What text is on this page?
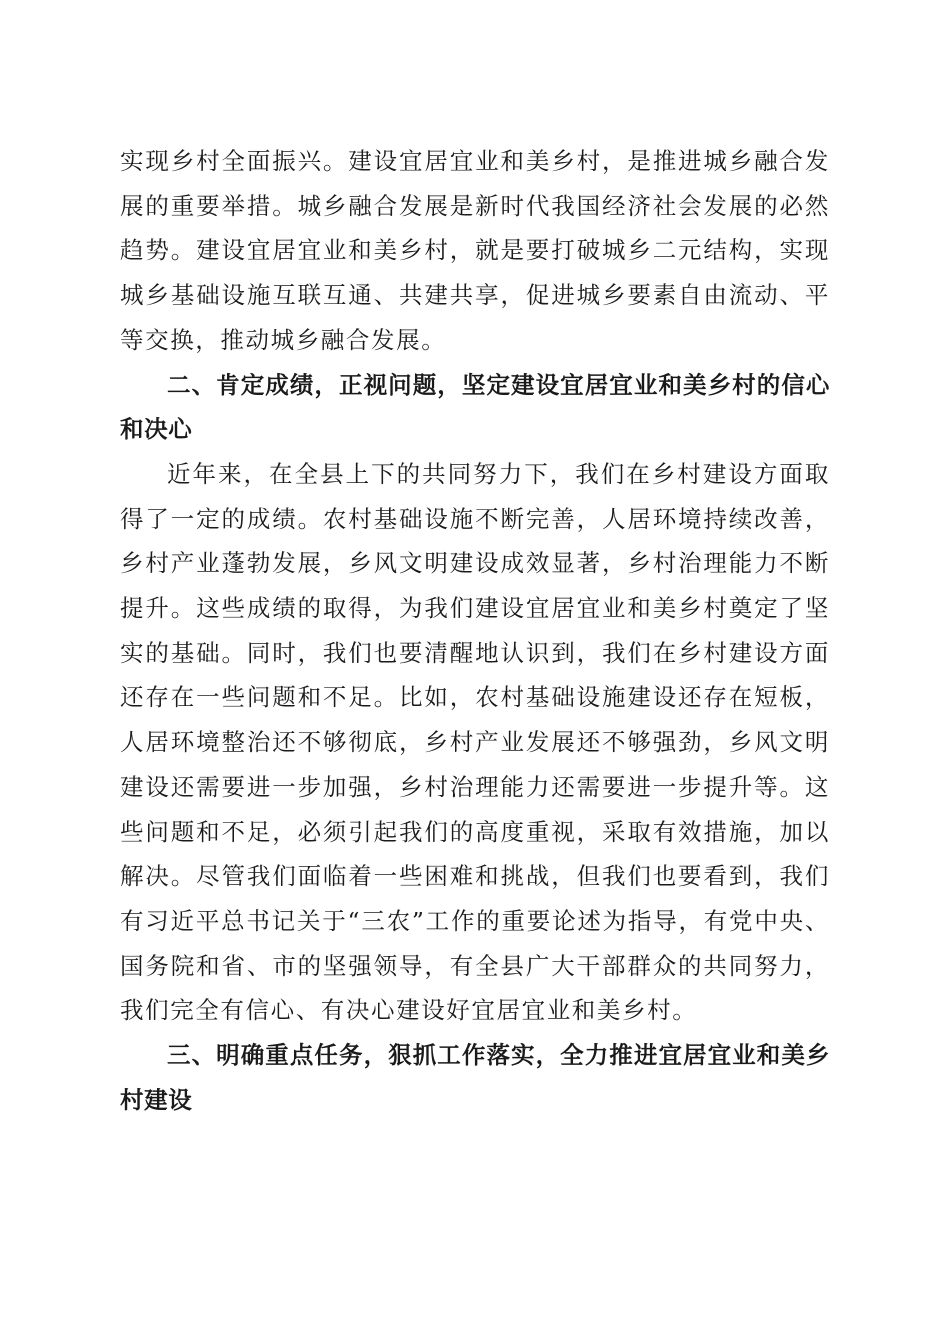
实现乡村全面振兴。建设宜居宜业和美乡村，是推进城乡融合发展的重要举措。城乡融合发展是新时代我国经济社会发展的必然趋势。建设宜居宜业和美乡村，就是要打破城乡二元结构，实现城乡基础设施互联互通、共建共享，促进城乡要素自由流动、平等交换，推动城乡融合发展。

二、肯定成绩，正视问题，坚定建设宜居宜业和美乡村的信心和决心

近年来，在全县上下的共同努力下，我们在乡村建设方面取得了一定的成绩。农村基础设施不断完善，人居环境持续改善，乡村产业蓬勃发展，乡风文明建设成效显著，乡村治理能力不断提升。这些成绩的取得，为我们建设宜居宜业和美乡村奠定了坚实的基础。同时，我们也要清醒地认识到，我们在乡村建设方面还存在一些问题和不足。比如，农村基础设施建设还存在短板，人居环境整治还不够彻底，乡村产业发展还不够强劲，乡风文明建设还需要进一步加强，乡村治理能力还需要进一步提升等。这些问题和不足，必须引起我们的高度重视，采取有效措施，加以解决。尽管我们面临着一些困难和挑战，但我们也要看到，我们有习近平总书记关于“三农”工作的重要论述为指导，有党中央、国务院和省、市的坚强领导，有全县广大干部群众的共同努力，我们完全有信心、有决心建设好宜居宜业和美乡村。

三、明确重点任务，狠抓工作落实，全力推进宜居宜业和美乡村建设
